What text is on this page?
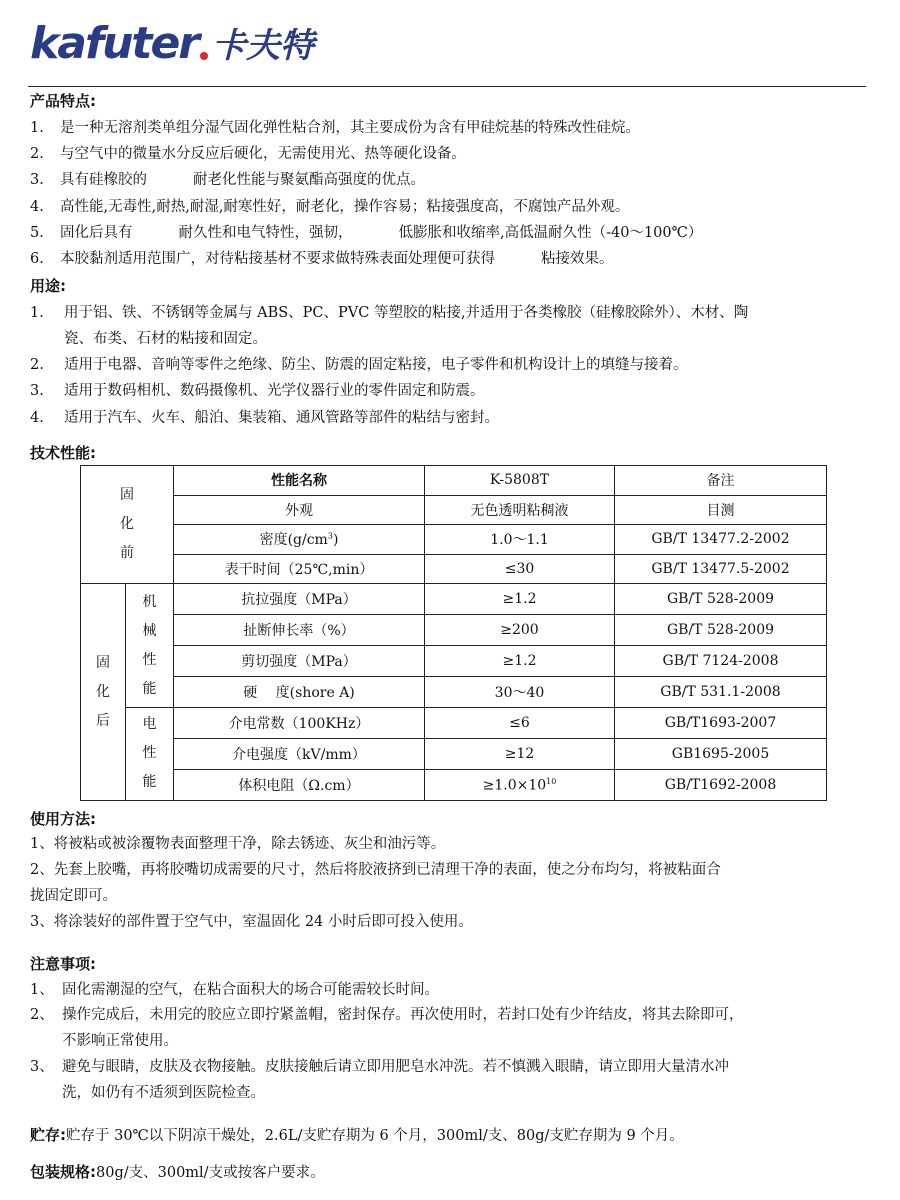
kafuter 卡夫特
产品特点:
1. 是一种无溶剂类单组分湿气固化弹性粘合剂，其主要成份为含有甲硅烷基的特殊改性硅烷。
2. 与空气中的微量水分反应后硬化，无需使用光、热等硬化设备。
3. 具有硅橡胶的	耐老化性能与聚氨酯高强度的优点。
4. 高性能,无毒性,耐热,耐湿,耐寒性好，耐老化，操作容易；粘接强度高，不腐蚀产品外观。
5. 固化后具有	耐久性和电气特性，强韧，	低膨胀和收缩率,高低温耐久性（-40～100℃）
6. 本胶黏剂适用范围广，对待粘接基材不要求做特殊表面处理便可获得	粘接效果。
用途:
1. 用于铝、铁、不锈钢等金属与 ABS、PC、PVC 等塑胶的粘接,并适用于各类橡胶（硅橡胶除外）、木材、陶
瓷、布类、石材的粘接和固定。
2. 适用于电器、音响等零件之绝缘、防尘、防震的固定粘接，电子零件和机构设计上的填缝与接着。
3. 适用于数码相机、数码摄像机、光学仪器行业的零件固定和防震。
4. 适用于汽车、火车、船泊、集装箱、通风管路等部件的粘结与密封。
技术性能:
固
化
前		性能名称	K-5808T	备注
		外观	无色透明粘稠液	目测
		密度$(g/cm^3)$	1.0～1.1	GB/T 13477.2-2002
		表干时间（25℃,min）	≤30	GB/T 13477.5-2002

固
化
后	机
械
性
能	抗拉强度（MPa）	≥1.2	GB/T 528-2009
		扯断伸长率（%）	≥200	GB/T 528-2009
		剪切强度（MPa）	≥1.2	GB/T 7124-2008
		硬　 度(shore A)	30～40	GB/T 531.1-2008

	电
性
能	介电常数（100KHz）	≤6	GB/T1693-2007
		介电强度（kV/mm）	≥12	GB1695-2005
		体积电阻（Ω.cm）	$\ge 1.0\times 10^{10}$	GB/T1692-2008
使用方法:
1、将被粘或被涂覆物表面整理干净，除去锈迹、灰尘和油污等。
2、先套上胶嘴，再将胶嘴切成需要的尺寸，然后将胶液挤到已清理干净的表面，使之分布均匀，将被粘面合
拢固定即可。
3、将涂装好的部件置于空气中，室温固化 24 小时后即可投入使用。
注意事项:
1、 固化需潮湿的空气，在粘合面积大的场合可能需较长时间。
2、 操作完成后，未用完的胶应立即拧紧盖帽，密封保存。再次使用时，若封口处有少许结皮，将其去除即可，
不影响正常使用。
3、 避免与眼睛，皮肤及衣物接触。皮肤接触后请立即用肥皂水冲洗。若不慎溅入眼睛，请立即用大量清水冲
洗，如仍有不适须到医院检查。
贮存:贮存于 30℃以下阴凉干燥处，2.6L/支贮存期为 6 个月，300ml/支、80g/支贮存期为 9 个月。
包装规格:80g/支、300ml/支或按客户要求。
